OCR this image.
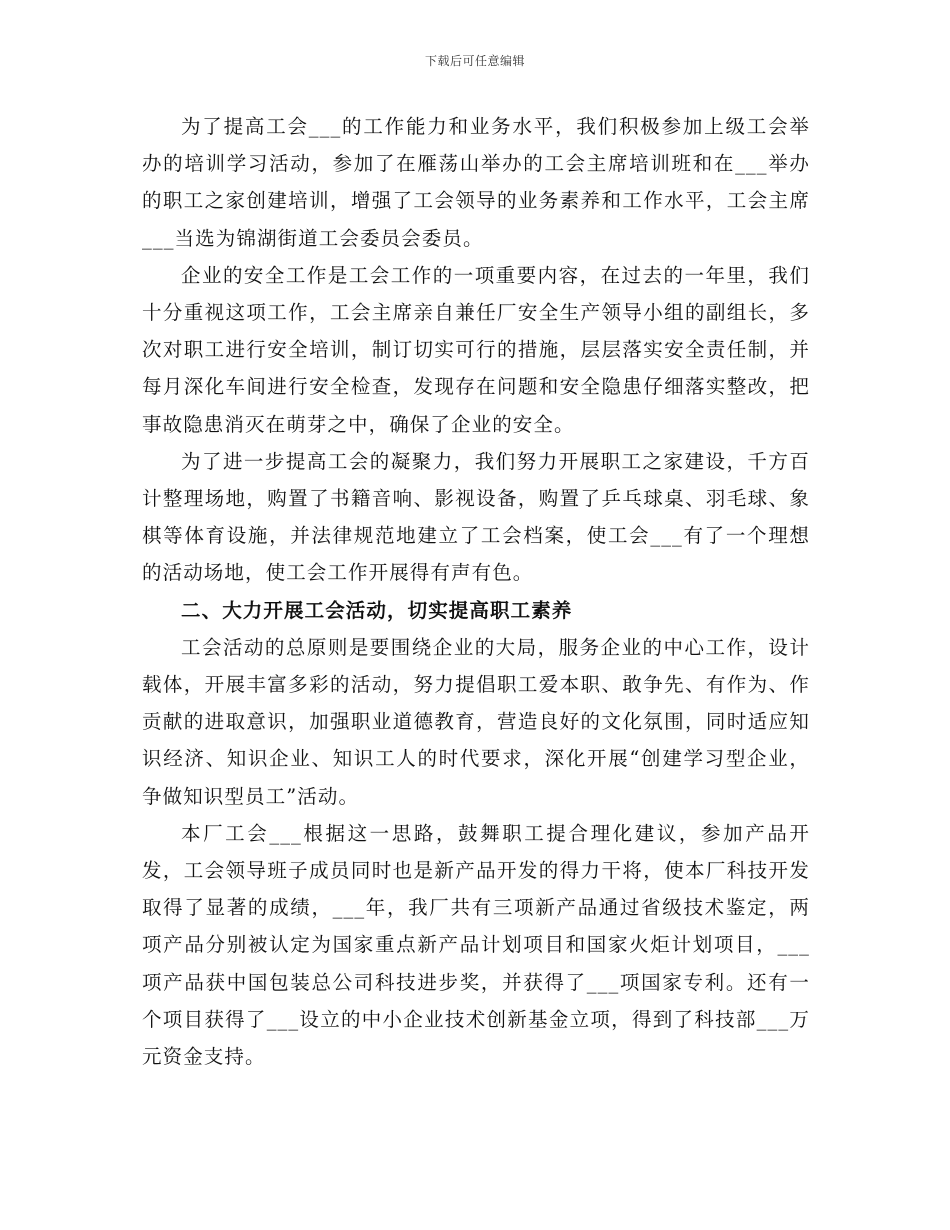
下载后可任意编辑

为了提高工会___的工作能力和业务水平，我们积极参加上级工会举办的培训学习活动，参加了在雁荡山举办的工会主席培训班和在___举办的职工之家创建培训，增强了工会领导的业务素养和工作水平，工会主席___当选为锦湖街道工会委员会委员。

企业的安全工作是工会工作的一项重要内容，在过去的一年里，我们十分重视这项工作，工会主席亲自兼任厂安全生产领导小组的副组长，多次对职工进行安全培训，制订切实可行的措施，层层落实安全责任制，并每月深化车间进行安全检查，发现存在问题和安全隐患仔细落实整改，把事故隐患消灭在萌芽之中，确保了企业的安全。

为了进一步提高工会的凝聚力，我们努力开展职工之家建设，千方百计整理场地，购置了书籍音响、影视设备，购置了乒乓球桌、羽毛球、象棋等体育设施，并法律规范地建立了工会档案，使工会___有了一个理想的活动场地，使工会工作开展得有声有色。

二、大力开展工会活动，切实提高职工素养

工会活动的总原则是要围绕企业的大局，服务企业的中心工作，设计载体，开展丰富多彩的活动，努力提倡职工爱本职、敢争先、有作为、作贡献的进取意识，加强职业道德教育，营造良好的文化氛围，同时适应知识经济、知识企业、知识工人的时代要求，深化开展“创建学习型企业，争做知识型员工”活动。

本厂工会___根据这一思路，鼓舞职工提合理化建议，参加产品开发，工会领导班子成员同时也是新产品开发的得力干将，使本厂科技开发取得了显著的成绩，___年，我厂共有三项新产品通过省级技术鉴定，两项产品分别被认定为国家重点新产品计划项目和国家火炬计划项目，___项产品获中国包装总公司科技进步奖，并获得了___项国家专利。还有一个项目获得了___设立的中小企业技术创新基金立项，得到了科技部___万元资金支持。
